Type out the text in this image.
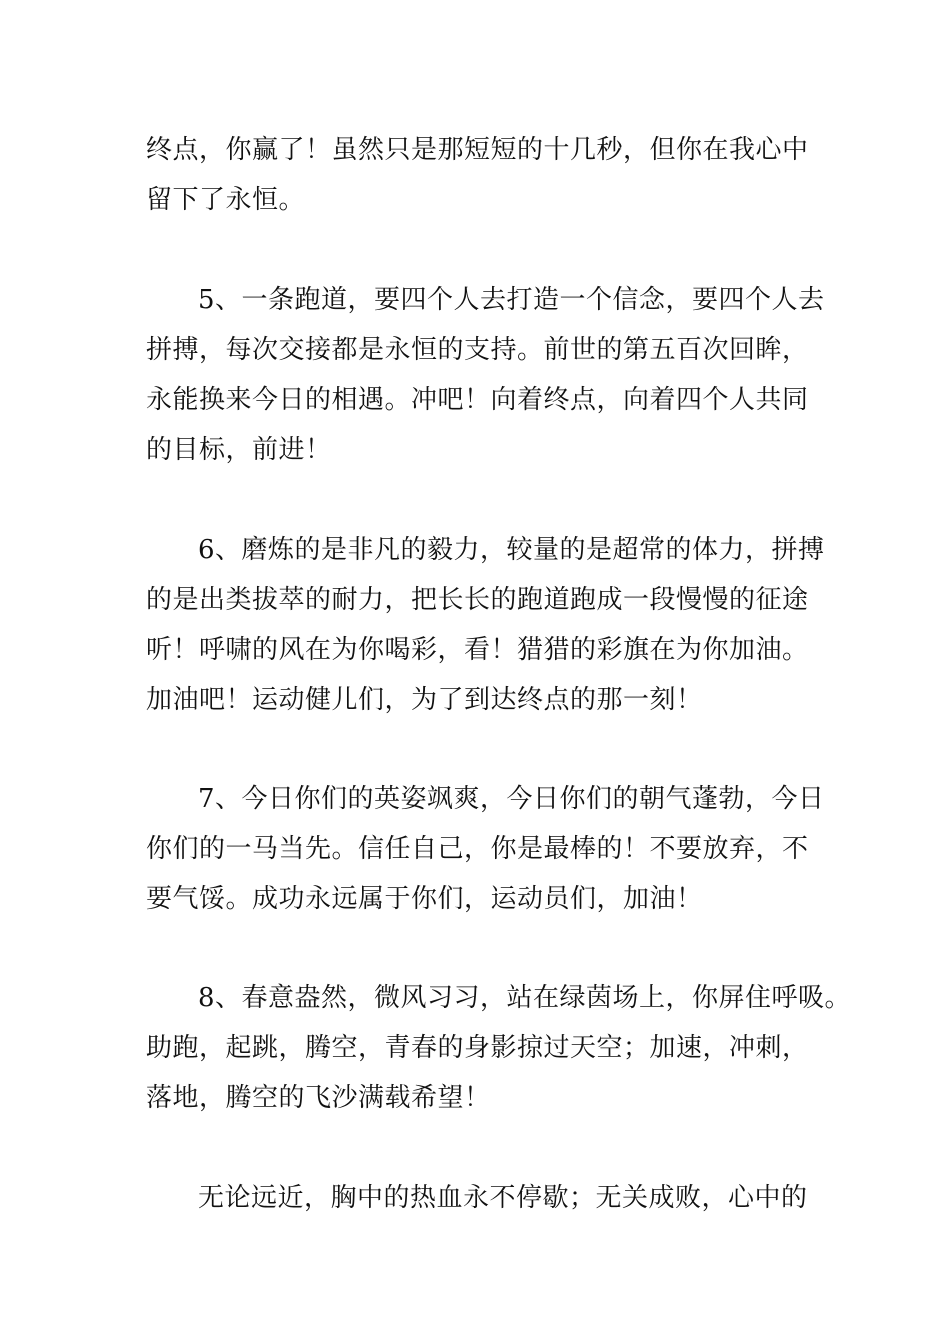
终点，你赢了！虽然只是那短短的十几秒，但你在我心中
留下了永恒。
5、一条跑道，要四个人去打造一个信念，要四个人去
拼搏，每次交接都是永恒的支持。前世的第五百次回眸，
永能换来今日的相遇。冲吧！向着终点，向着四个人共同
的目标，前进！
6、磨炼的是非凡的毅力，较量的是超常的体力，拼搏
的是出类拔萃的耐力，把长长的跑道跑成一段慢慢的征途
听！呼啸的风在为你喝彩，看！猎猎的彩旗在为你加油。
加油吧！运动健儿们，为了到达终点的那一刻！
7、今日你们的英姿飒爽，今日你们的朝气蓬勃，今日
你们的一马当先。信任自己，你是最棒的！不要放弃，不
要气馁。成功永远属于你们，运动员们，加油！
8、春意盎然，微风习习，站在绿茵场上，你屏住呼吸。
助跑，起跳，腾空，青春的身影掠过天空；加速，冲刺，
落地，腾空的飞沙满载希望！
无论远近，胸中的热血永不停歇；无关成败，心中的
